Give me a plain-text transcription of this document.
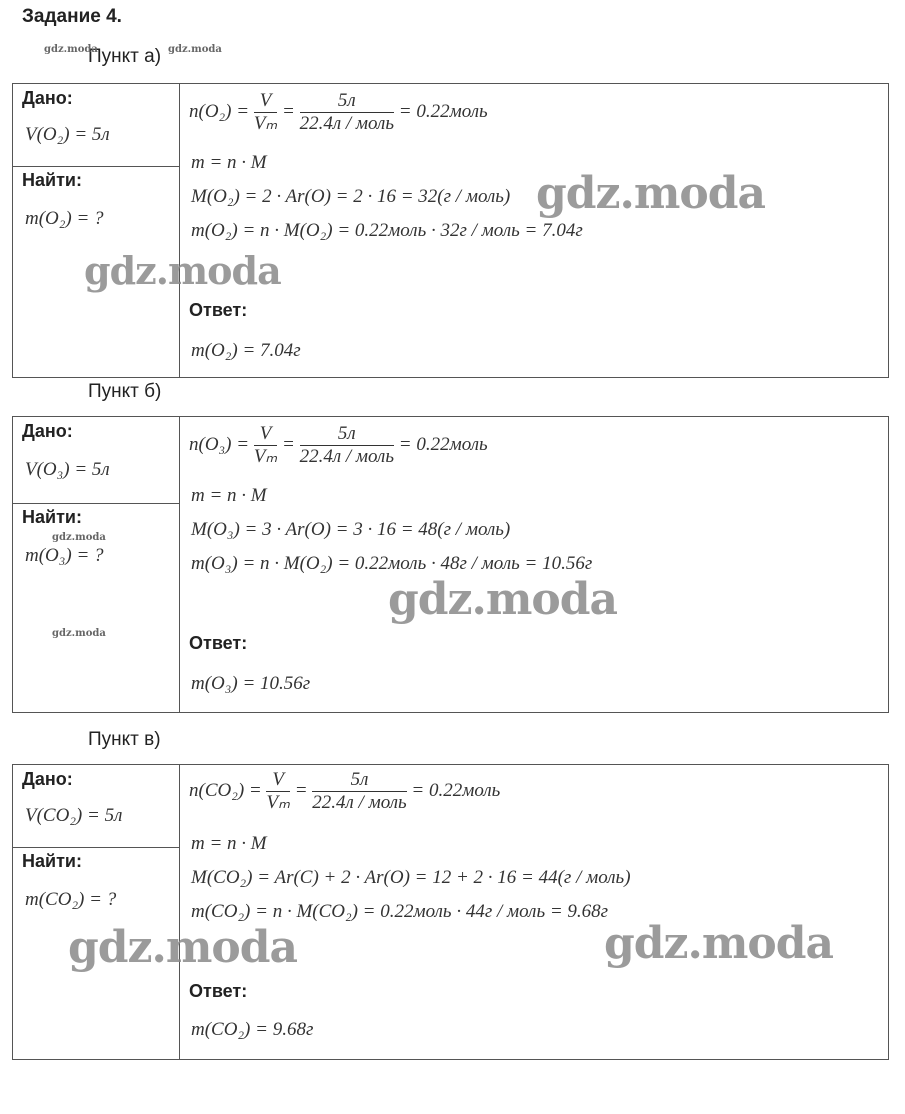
Задание 4.
Пункт а)
gdz.moda	gdz.moda
Дано:
V(O₂) = 5л
Найти:
m(O₂) = ?
$n(O_2) = \frac{V}{\text{Vₘ}} = \frac{5л}{\text{22.4л / моль}}$ = 0.22моль
m = n · M
M(O₂) = 2 · Ar(O) = 2 · 16 = 32(г / моль)
m(O₂) = n · M(O₂) = 0.22моль · 32г / моль = 7.04г
Ответ:
m(O₂) = 7.04г
gdz.moda
gdz.moda
Пункт б)
Дано:
V(O₃) = 5л
Найти:
m(O₃) = ?
$n(O_3) = \frac{V}{\text{Vₘ}} = \frac{5л}{\text{22.4л / моль}}$ = 0.22моль
m = n · M
M(O₃) = 3 · Ar(O) = 3 · 16 = 48(г / моль)
m(O₃) = n · M(O₂) = 0.22моль · 48г / моль = 10.56г
Ответ:
m(O₃) = 10.56г
gdz.moda
gdz.moda
gdz.moda
Пункт в)
Дано:
V(CO₂) = 5л
Найти:
m(CO₂) = ?
$n(CO_2) = \frac{V}{\text{Vₘ}} = \frac{5л}{\text{22.4л / моль}}$ = 0.22моль
m = n · M
M(CO₂) = Ar(C) + 2 · Ar(O) = 12 + 2 · 16 = 44(г / моль)
m(CO₂) = n · M(CO₂) = 0.22моль · 44г / моль = 9.68г
Ответ:
m(CO₂) = 9.68г
gdz.moda	gdz.moda
